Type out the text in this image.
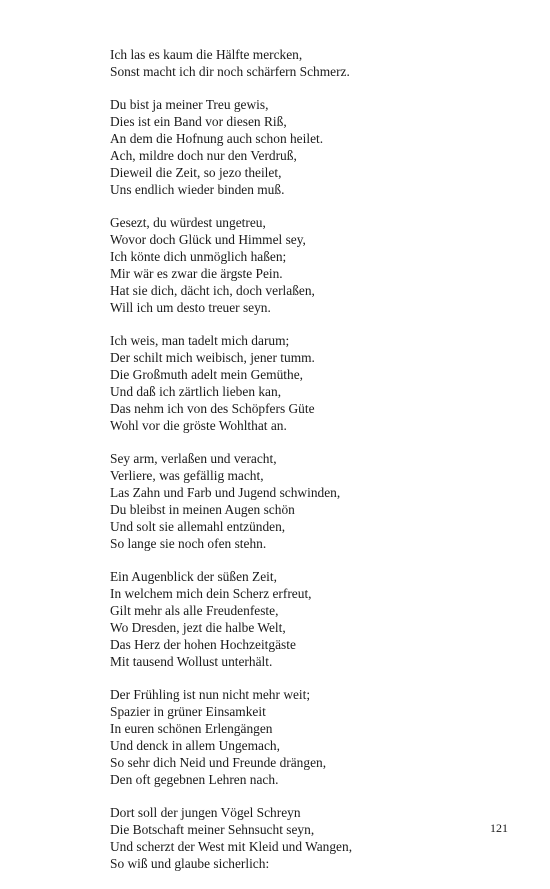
Ich las es kaum die Hälfte mercken,
Sonst macht ich dir noch schärfern Schmerz.
Du bist ja meiner Treu gewis,
Dies ist ein Band vor diesen Riß,
An dem die Hofnung auch schon heilet.
Ach, mildre doch nur den Verdruß,
Dieweil die Zeit, so jezo theilet,
Uns endlich wieder binden muß.
Gesezt, du würdest ungetreu,
Wovor doch Glück und Himmel sey,
Ich könte dich unmöglich haßen;
Mir wär es zwar die ärgste Pein.
Hat sie dich, dächt ich, doch verlaßen,
Will ich um desto treuer seyn.
Ich weis, man tadelt mich darum;
Der schilt mich weibisch, jener tumm.
Die Großmuth adelt mein Gemüthe,
Und daß ich zärtlich lieben kan,
Das nehm ich von des Schöpfers Güte
Wohl vor die gröste Wohlthat an.
Sey arm, verlaßen und veracht,
Verliere, was gefällig macht,
Las Zahn und Farb und Jugend schwinden,
Du bleibst in meinen Augen schön
Und solt sie allemahl entzünden,
So lange sie noch ofen stehn.
Ein Augenblick der süßen Zeit,
In welchem mich dein Scherz erfreut,
Gilt mehr als alle Freudenfeste,
Wo Dresden, jezt die halbe Welt,
Das Herz der hohen Hochzeitgäste
Mit tausend Wollust unterhält.
Der Frühling ist nun nicht mehr weit;
Spazier in grüner Einsamkeit
In euren schönen Erlengängen
Und denck in allem Ungemach,
So sehr dich Neid und Freunde drängen,
Den oft gegebnen Lehren nach.
Dort soll der jungen Vögel Schreyn
Die Botschaft meiner Sehnsucht seyn,
Und scherzt der West mit Kleid und Wangen,
So wiß und glaube sicherlich:
121
